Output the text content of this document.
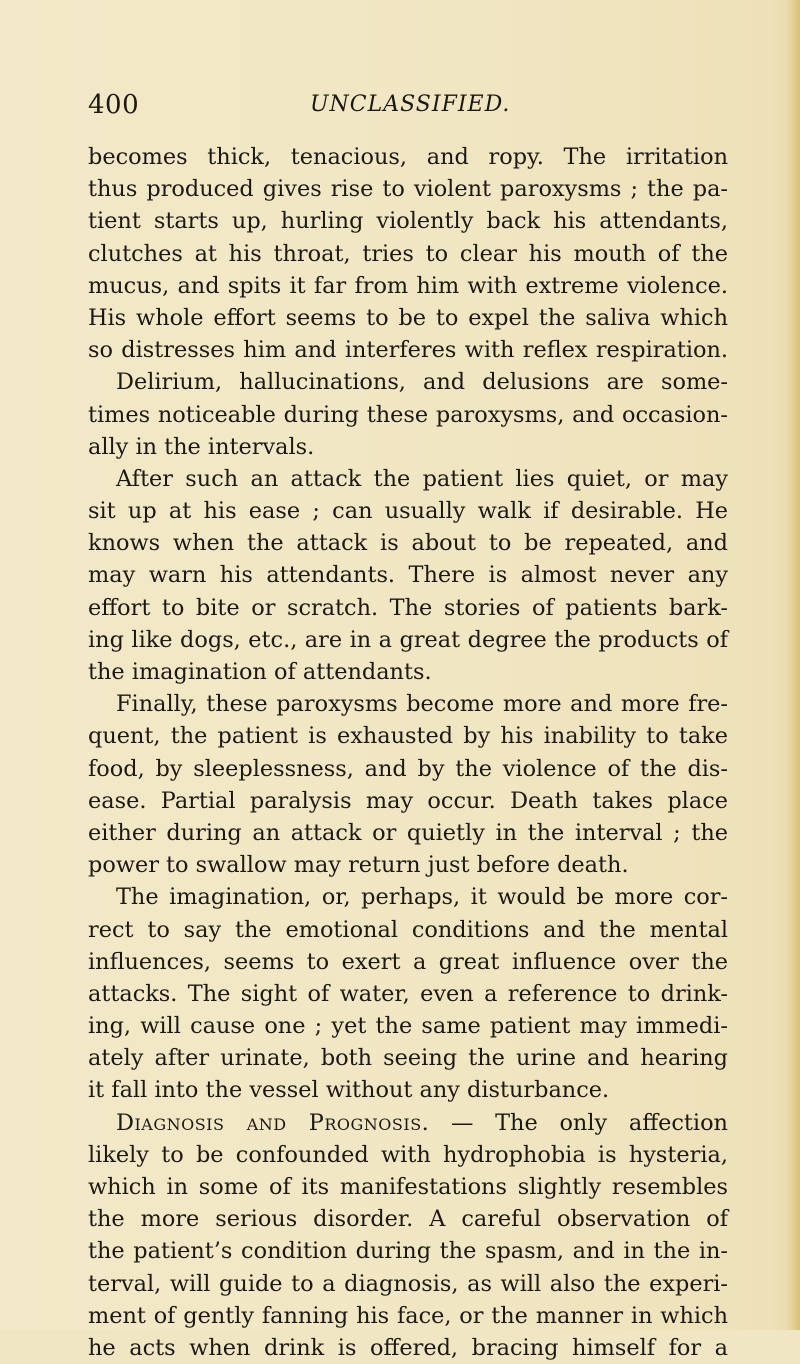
400	UNCLASSIFIED.
becomes thick, tenacious, and ropy. The irritation
thus produced gives rise to violent paroxysms ; the pa-
tient starts up, hurling violently back his attendants,
clutches at his throat, tries to clear his mouth of the
mucus, and spits it far from him with extreme violence.
His whole effort seems to be to expel the saliva which
so distresses him and interferes with reflex respiration.
Delirium, hallucinations, and delusions are some-
times noticeable during these paroxysms, and occasion-
ally in the intervals.
After such an attack the patient lies quiet, or may
sit up at his ease ; can usually walk if desirable. He
knows when the attack is about to be repeated, and
may warn his attendants. There is almost never any
effort to bite or scratch. The stories of patients bark-
ing like dogs, etc., are in a great degree the products of
the imagination of attendants.
Finally, these paroxysms become more and more fre-
quent, the patient is exhausted by his inability to take
food, by sleeplessness, and by the violence of the dis-
ease. Partial paralysis may occur. Death takes place
either during an attack or quietly in the interval ; the
power to swallow may return just before death.
The imagination, or, perhaps, it would be more cor-
rect to say the emotional conditions and the mental
influences, seems to exert a great influence over the
attacks. The sight of water, even a reference to drink-
ing, will cause one ; yet the same patient may immedi-
ately after urinate, both seeing the urine and hearing
it fall into the vessel without any disturbance.
Diagnosis and Prognosis. — The only affection
likely to be confounded with hydrophobia is hysteria,
which in some of its manifestations slightly resembles
the more serious disorder. A careful observation of
the patient’s condition during the spasm, and in the in-
terval, will guide to a diagnosis, as will also the experi-
ment of gently fanning his face, or the manner in which
he acts when drink is offered, bracing himself for a
